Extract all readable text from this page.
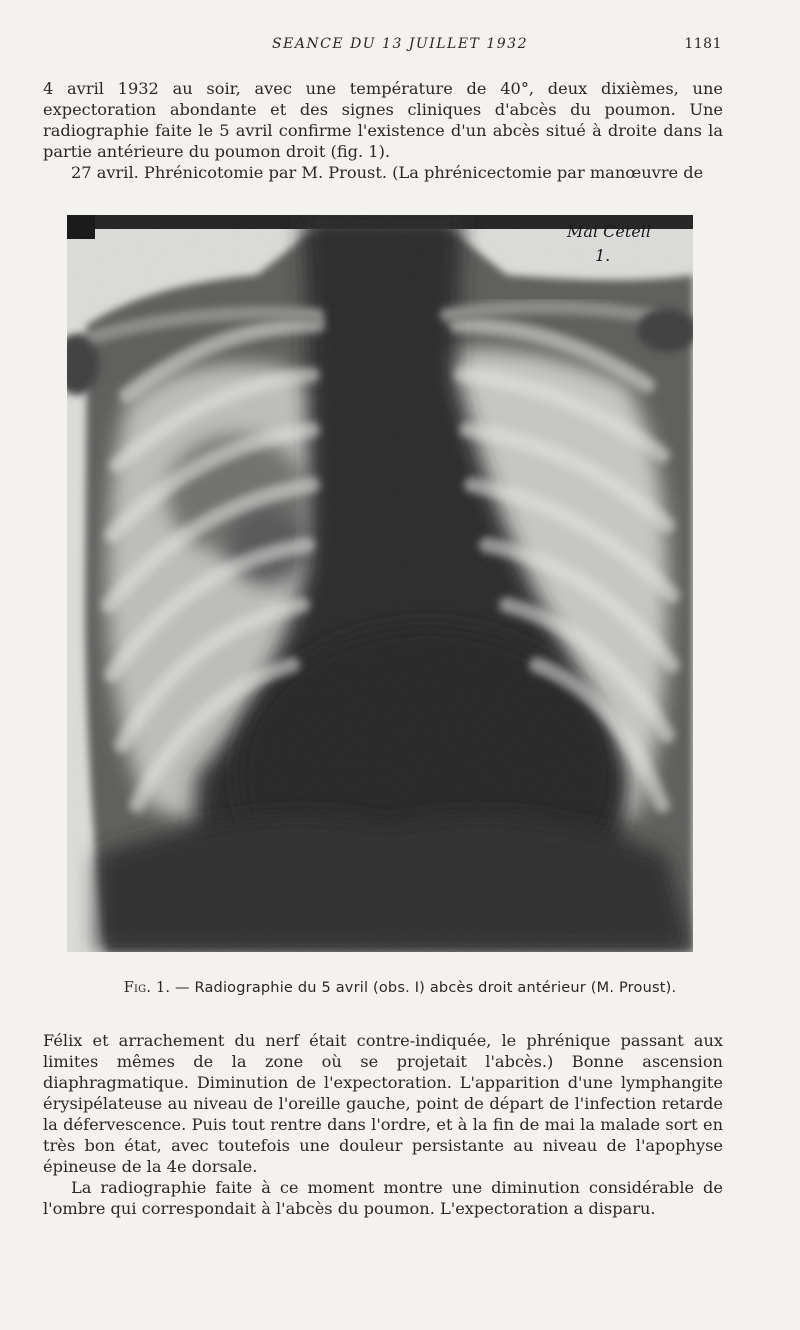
SEANCE DU 13 JUILLET 1932	1181

4 avril 1932 au soir, avec une température de 40°, deux dixièmes, une expectoration abondante et des signes cliniques d'abcès du poumon. Une radiographie faite le 5 avril confirme l'existence d'un abcès situé à droite dans la partie antérieure du poumon droit (fig. 1).

27 avril. Phrénicotomie par M. Proust. (La phrénicectomie par manœuvre de

Mai Cetell
1.
Fig. 1. — Radiographie du 5 avril (obs. I) abcès droit antérieur (M. Proust).

Félix et arrachement du nerf était contre-indiquée, le phrénique passant aux limites mêmes de la zone où se projetait l'abcès.) Bonne ascension diaphragmatique. Diminution de l'expectoration. L'apparition d'une lymphangite érysipélateuse au niveau de l'oreille gauche, point de départ de l'infection retarde la défervescence. Puis tout rentre dans l'ordre, et à la fin de mai la malade sort en très bon état, avec toutefois une douleur persistante au niveau de l'apophyse épineuse de la 4e dorsale.

La radiographie faite à ce moment montre une diminution considérable de l'ombre qui correspondait à l'abcès du poumon. L'expectoration a disparu.
